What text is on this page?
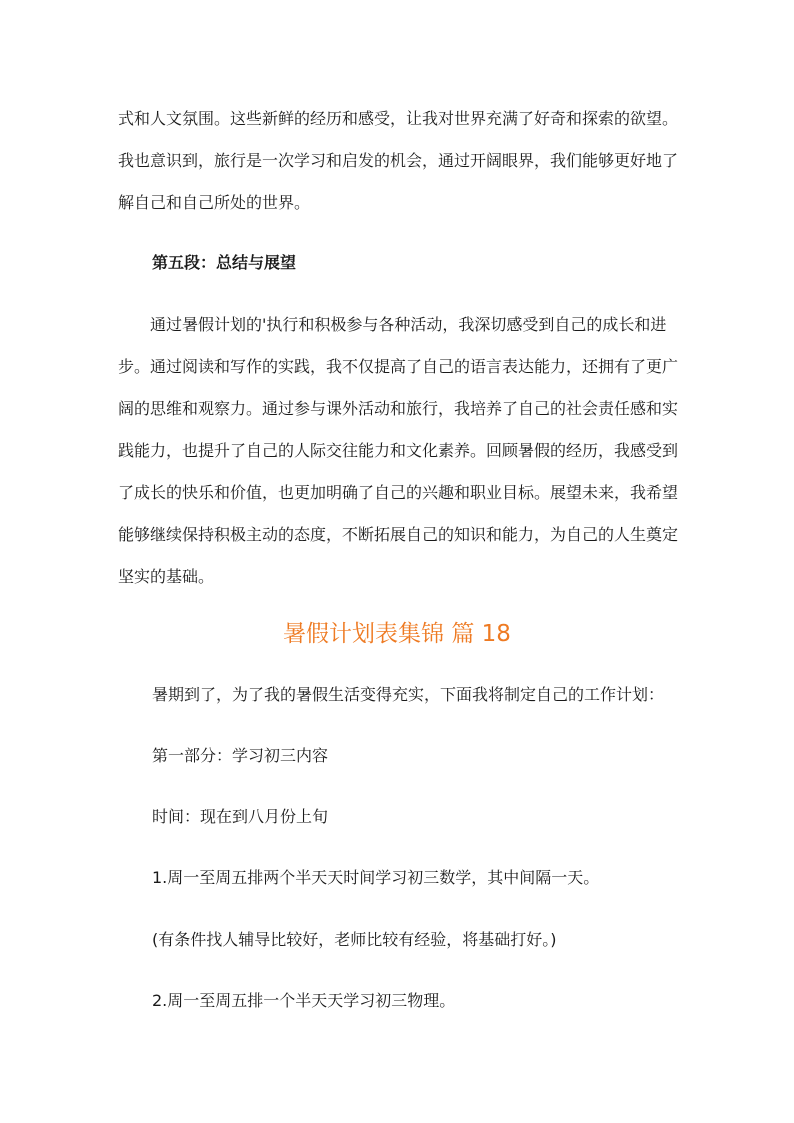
式和人文氛围。这些新鲜的经历和感受，让我对世界充满了好奇和探索的欲望。
我也意识到，旅行是一次学习和启发的机会，通过开阔眼界，我们能够更好地了
解自己和自己所处的世界。
第五段：总结与展望
　　通过暑假计划的'执行和积极参与各种活动，我深切感受到自己的成长和进
步。通过阅读和写作的实践，我不仅提高了自己的语言表达能力，还拥有了更广
阔的思维和观察力。通过参与课外活动和旅行，我培养了自己的社会责任感和实
践能力，也提升了自己的人际交往能力和文化素养。回顾暑假的经历，我感受到
了成长的快乐和价值，也更加明确了自己的兴趣和职业目标。展望未来，我希望
能够继续保持积极主动的态度，不断拓展自己的知识和能力，为自己的人生奠定
坚实的基础。
暑假计划表集锦 篇 18
暑期到了，为了我的暑假生活变得充实，下面我将制定自己的工作计划：
第一部分：学习初三内容
时间：现在到八月份上旬
1.周一至周五排两个半天天时间学习初三数学，其中间隔一天。
(有条件找人辅导比较好，老师比较有经验，将基础打好。)
2.周一至周五排一个半天天学习初三物理。
